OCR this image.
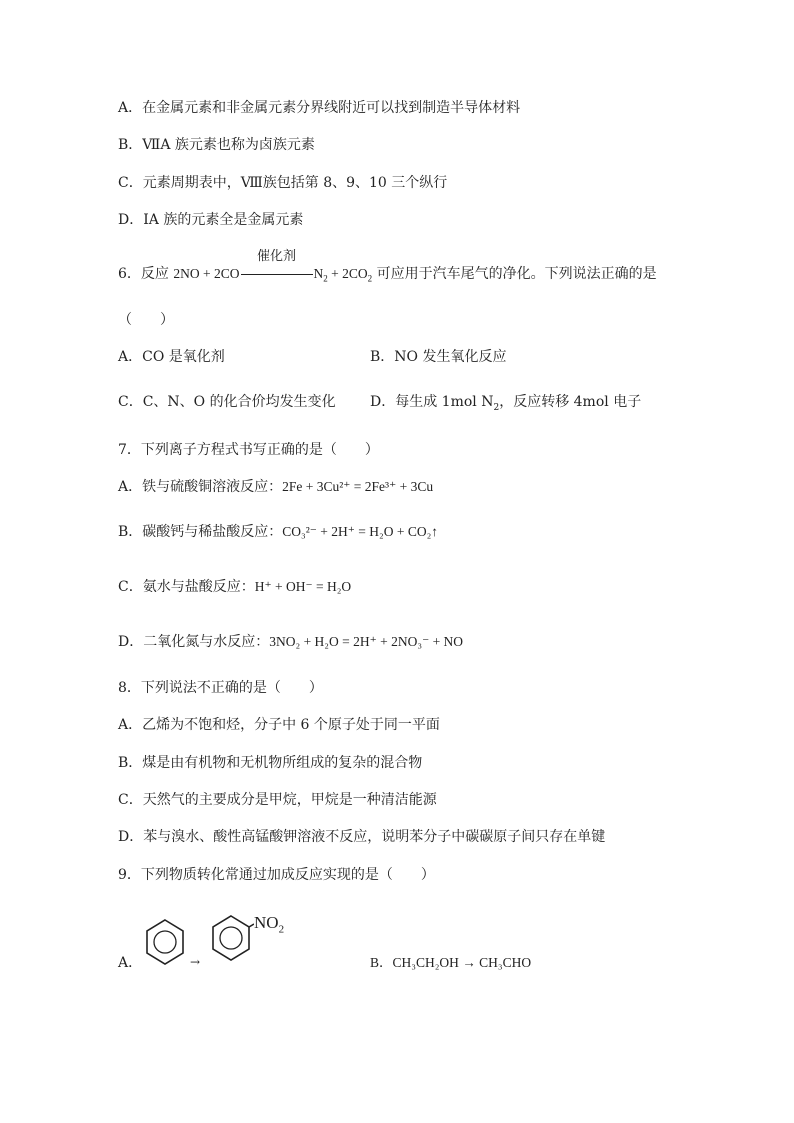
A．在金属元素和非金属元素分界线附近可以找到制造半导体材料
B．ⅦA 族元素也称为卤族元素
C．元素周期表中，Ⅷ族包括第 8、9、10 三个纵行
D．ⅠA 族的元素全是金属元素
6．反应 2NO + 2CO
催化剂
$N_2 + 2CO_2$ 可应用于汽车尾气的净化。下列说法正确的是
（　　）
A．CO 是氧化剂	B．NO 发生氧化反应
C．C、N、O 的化合价均发生变化 D．每生成 1mol $N_2$，反应转移 4mol 电子
7．下列离子方程式书写正确的是（　　）
A．铁与硫酸铜溶液反应：2Fe + 3Cu²⁺ = 2Fe³⁺ + 3Cu
B．碳酸钙与稀盐酸反应：CO₃²⁻ + 2H⁺ = H₂O + CO₂↑
C．氨水与盐酸反应：H⁺ + OH⁻ = H₂O
D．二氧化氮与水反应：3NO₂ + H₂O = 2H⁺ + 2NO₃⁻ + NO
8．下列说法不正确的是（　　）
A．乙烯为不饱和烃，分子中 6 个原子处于同一平面
B．煤是由有机物和无机物所组成的复杂的混合物
C．天然气的主要成分是甲烷，甲烷是一种清洁能源
D．苯与溴水、酸性高锰酸钾溶液不反应，说明苯分子中碳碳原子间只存在单键
9．下列物质转化常通过加成反应实现的是（　　）
A．	→
$NO_2$
B．CH₃CH₂OH → CH₃CHO
